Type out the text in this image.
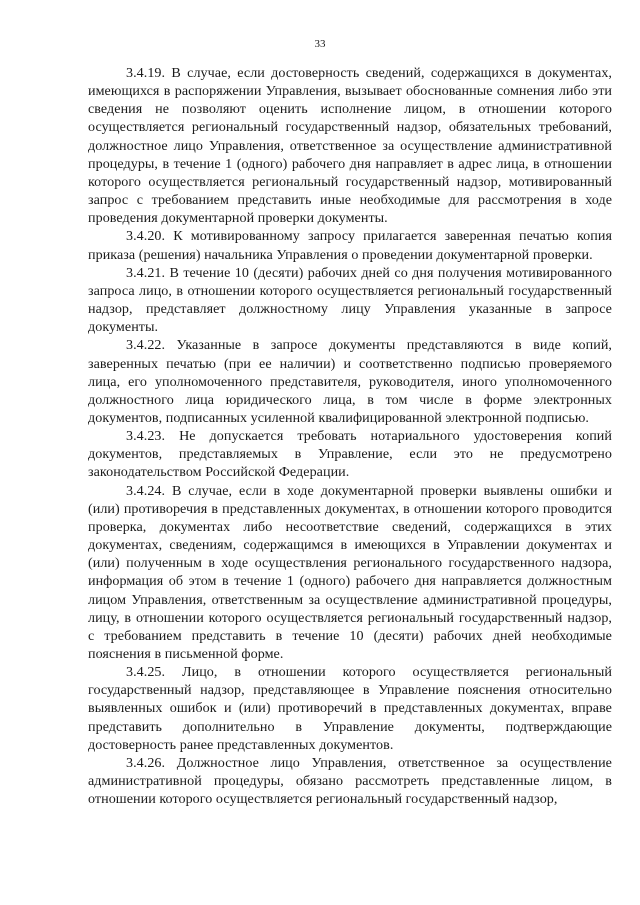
33

3.4.19. В случае, если достоверность сведений, содержащихся в документах, имеющихся в распоряжении Управления, вызывает обоснованные сомнения либо эти сведения не позволяют оценить исполнение лицом, в отношении которого осуществляется региональный государственный надзор, обязательных требований, должностное лицо Управления, ответственное за осуществление административной процедуры, в течение 1 (одного) рабочего дня направляет в адрес лица, в отношении которого осуществляется региональный государственный надзор, мотивированный запрос с требованием представить иные необходимые для рассмотрения в ходе проведения документарной проверки документы.

3.4.20. К мотивированному запросу прилагается заверенная печатью копия приказа (решения) начальника Управления о проведении документарной проверки.

3.4.21. В течение 10 (десяти) рабочих дней со дня получения мотивированного запроса лицо, в отношении которого осуществляется региональный государственный надзор, представляет должностному лицу Управления указанные в запросе документы.

3.4.22. Указанные в запросе документы представляются в виде копий, заверенных печатью (при ее наличии) и соответственно подписью проверяемого лица, его уполномоченного представителя, руководителя, иного уполномоченного должностного лица юридического лица, в том числе в форме электронных документов, подписанных усиленной квалифицированной электронной подписью.

3.4.23. Не допускается требовать нотариального удостоверения копий документов, представляемых в Управление, если это не предусмотрено законодательством Российской Федерации.

3.4.24. В случае, если в ходе документарной проверки выявлены ошибки и (или) противоречия в представленных документах, в отношении которого проводится проверка, документах либо несоответствие сведений, содержащихся в этих документах, сведениям, содержащимся в имеющихся в Управлении документах и (или) полученным в ходе осуществления регионального государственного надзора, информация об этом в течение 1 (одного) рабочего дня направляется должностным лицом Управления, ответственным за осуществление административной процедуры, лицу, в отношении которого осуществляется региональный государственный надзор, с требованием представить в течение 10 (десяти) рабочих дней необходимые пояснения в письменной форме.

3.4.25. Лицо, в отношении которого осуществляется региональный государственный надзор, представляющее в Управление пояснения относительно выявленных ошибок и (или) противоречий в представленных документах, вправе представить дополнительно в Управление документы, подтверждающие достоверность ранее представленных документов.

3.4.26. Должностное лицо Управления, ответственное за осуществление административной процедуры, обязано рассмотреть представленные лицом, в отношении которого осуществляется региональный государственный надзор,
